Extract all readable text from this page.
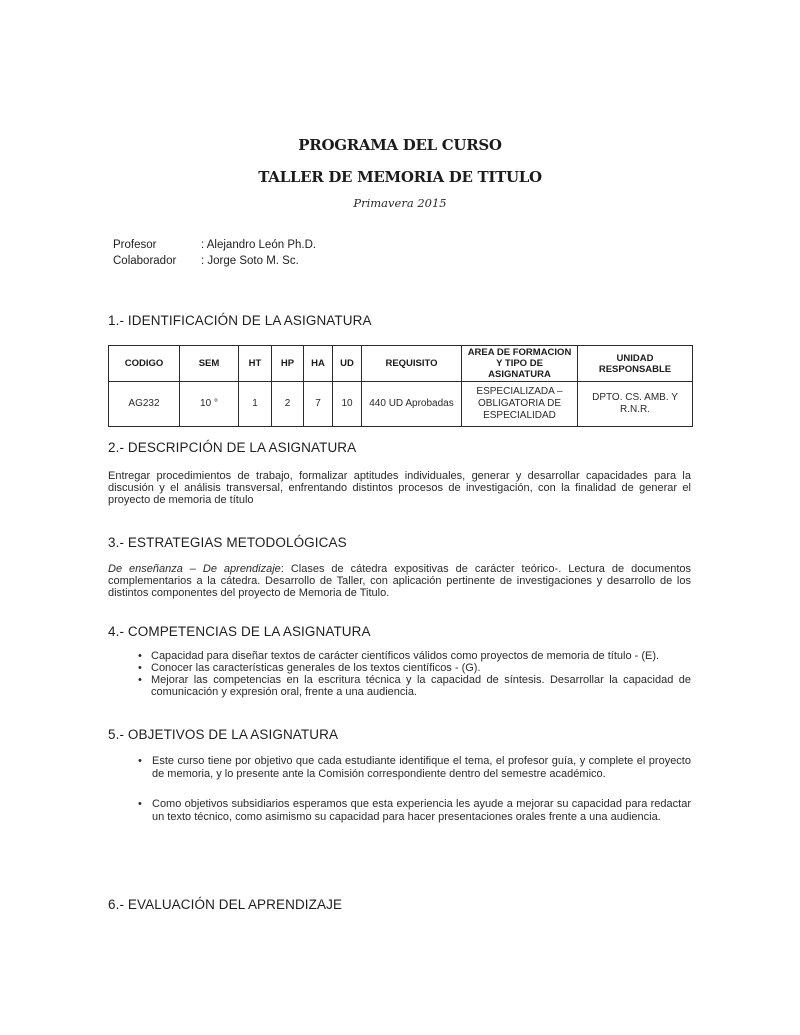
PROGRAMA DEL CURSO
TALLER DE MEMORIA DE TITULO
Primavera 2015
Profesor	: Alejandro León Ph.D.
Colaborador	: Jorge Soto M. Sc.
1.- IDENTIFICACIÓN DE LA ASIGNATURA
CODIGO	SEM	HT	HP	HA	UD	REQUISITO	AREA DE FORMACION Y TIPO DE ASIGNATURA	UNIDAD RESPONSABLE
AG232	10 °	1	2	7	10	440 UD Aprobadas	ESPECIALIZADA – OBLIGATORIA DE ESPECIALIDAD	DPTO. CS. AMB. Y R.N.R.
2.- DESCRIPCIÓN DE LA ASIGNATURA
Entregar procedimientos de trabajo, formalizar aptitudes individuales, generar y desarrollar capacidades para la discusión y el análisis transversal, enfrentando distintos procesos de investigación, con la finalidad de generar el proyecto de memoria de título
3.- ESTRATEGIAS METODOLÓGICAS
De enseñanza – De aprendizaje: Clases de cátedra expositivas de carácter teórico-. Lectura de documentos complementarios a la cátedra. Desarrollo de Taller, con aplicación pertinente de investigaciones y desarrollo de los distintos componentes del proyecto de Memoria de Titulo.
4.- COMPETENCIAS DE LA ASIGNATURA
• Capacidad para diseñar textos de carácter científicos válidos como proyectos de memoria de título - (E).
• Conocer las características generales de los textos científicos - (G).
• Mejorar las competencias en la escritura técnica y la capacidad de síntesis. Desarrollar la capacidad de comunicación y expresión oral, frente a una audiencia.
5.- OBJETIVOS DE LA ASIGNATURA
• Este curso tiene por objetivo que cada estudiante identifique el tema, el profesor guía, y complete el proyecto de memoria, y lo presente ante la Comisión correspondiente dentro del semestre académico.
• Como objetivos subsidiarios esperamos que esta experiencia les ayude a mejorar su capacidad para redactar un texto técnico, como asimismo su capacidad para hacer presentaciones orales frente a una audiencia.
6.- EVALUACIÓN DEL APRENDIZAJE
